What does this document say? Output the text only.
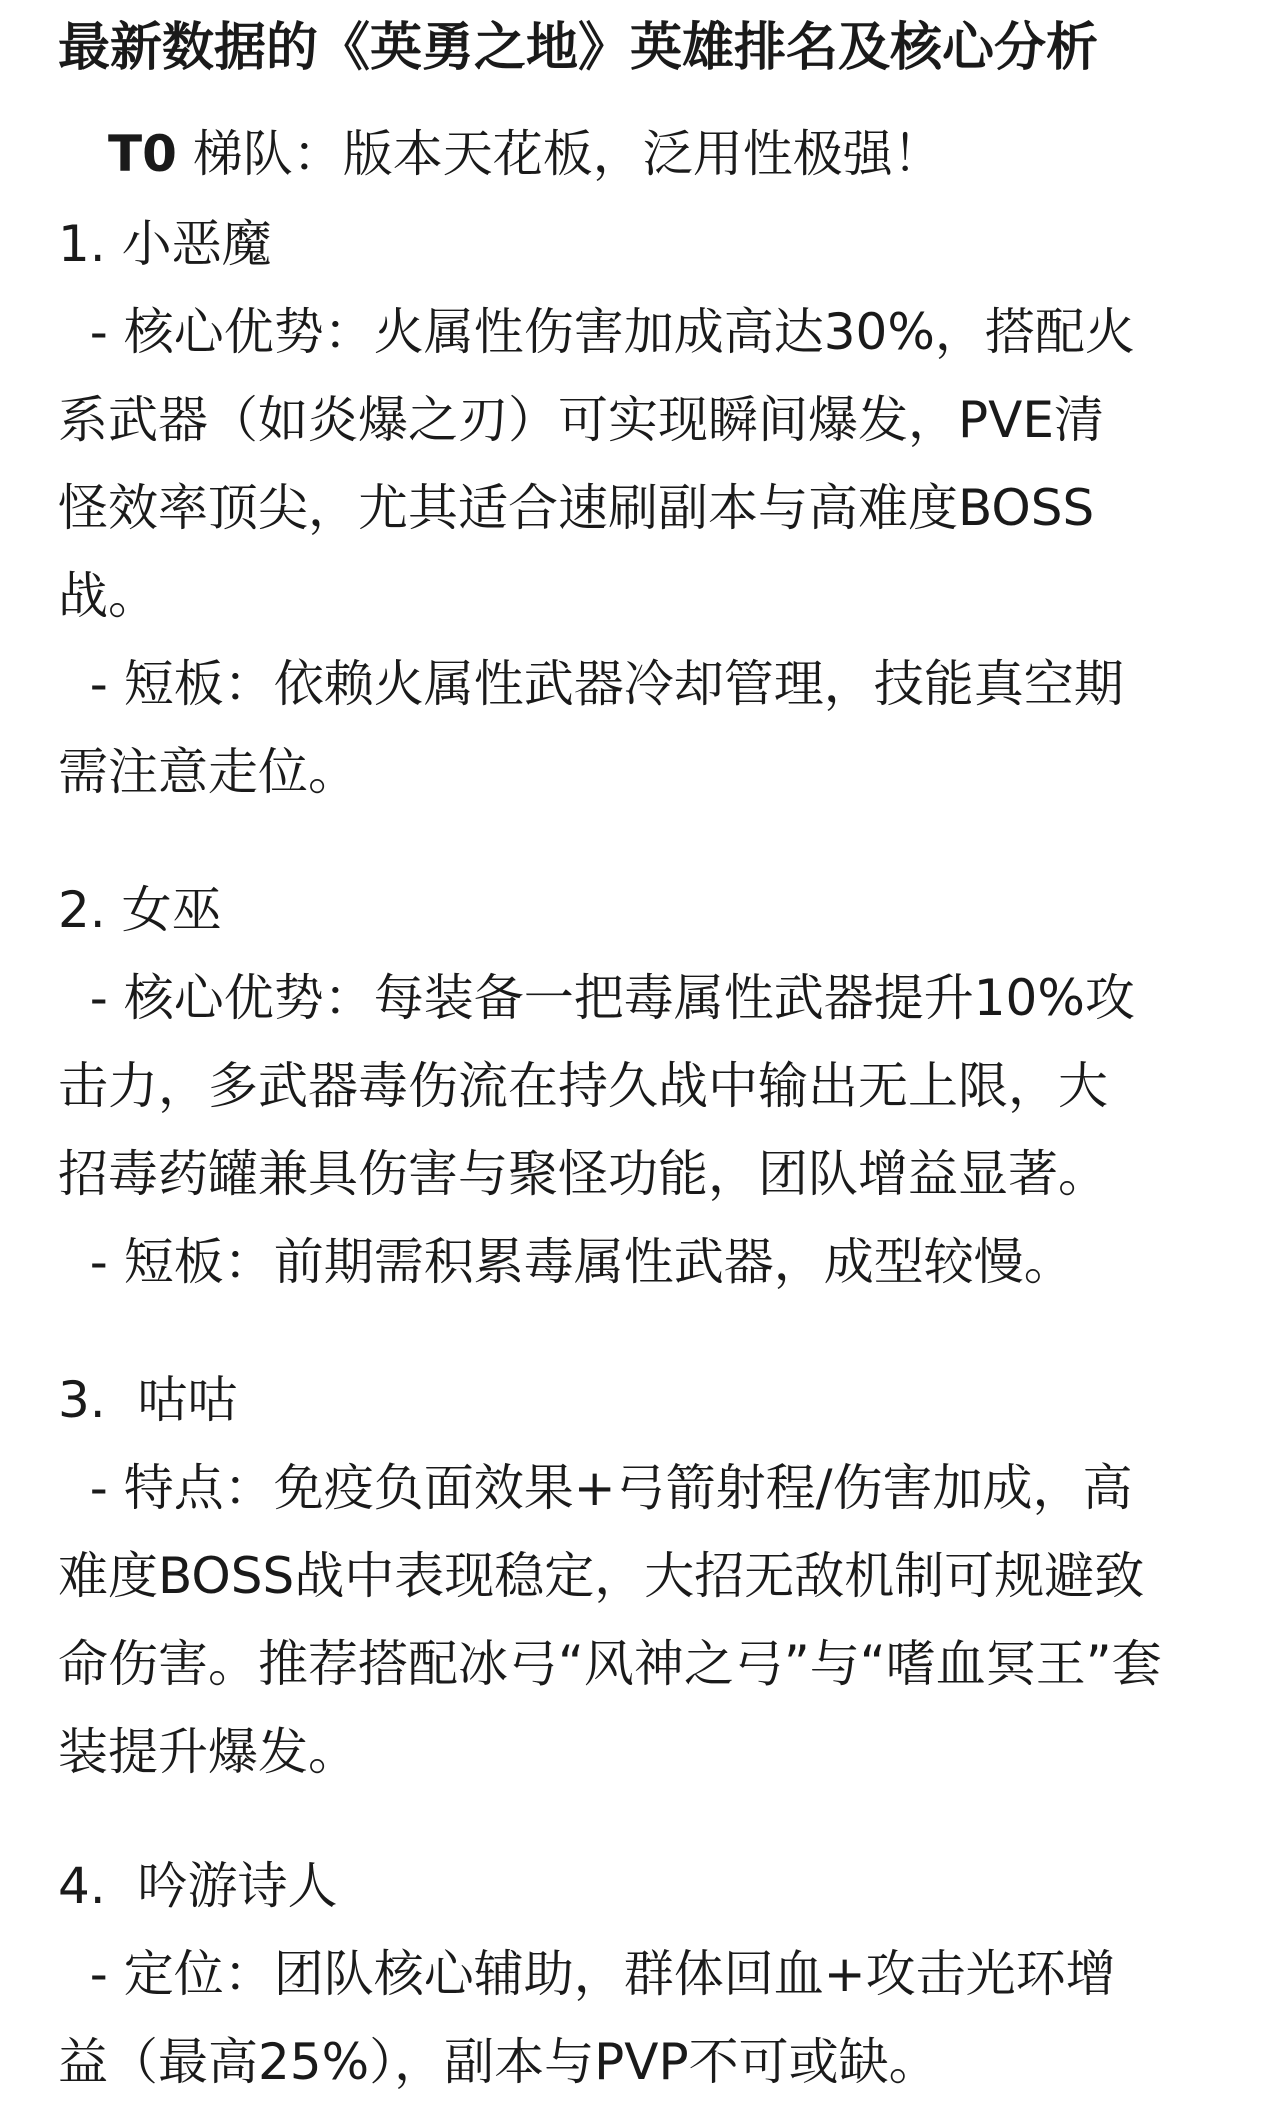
最新数据的《英勇之地》英雄排名及核心分析
T0 梯队：版本天花板，泛用性极强！
1. 小恶魔
- 核心优势：火属性伤害加成高达30%，搭配火
系武器（如炎爆之刃）可实现瞬间爆发，PVE清
怪效率顶尖，尤其适合速刷副本与高难度BOSS
战。
- 短板：依赖火属性武器冷却管理，技能真空期
需注意走位。
2. 女巫
- 核心优势：每装备一把毒属性武器提升10%攻
击力，多武器毒伤流在持久战中输出无上限，大
招毒药罐兼具伤害与聚怪功能，团队增益显著。
- 短板：前期需积累毒属性武器，成型较慢。
3.  咕咕
- 特点：免疫负面效果+弓箭射程/伤害加成，高
难度BOSS战中表现稳定，大招无敌机制可规避致
命伤害。推荐搭配冰弓“风神之弓”与“嗜血冥王”套
装提升爆发。
4.  吟游诗人
- 定位：团队核心辅助，群体回血+攻击光环增
益（最高25%），副本与PVP不可或缺。
